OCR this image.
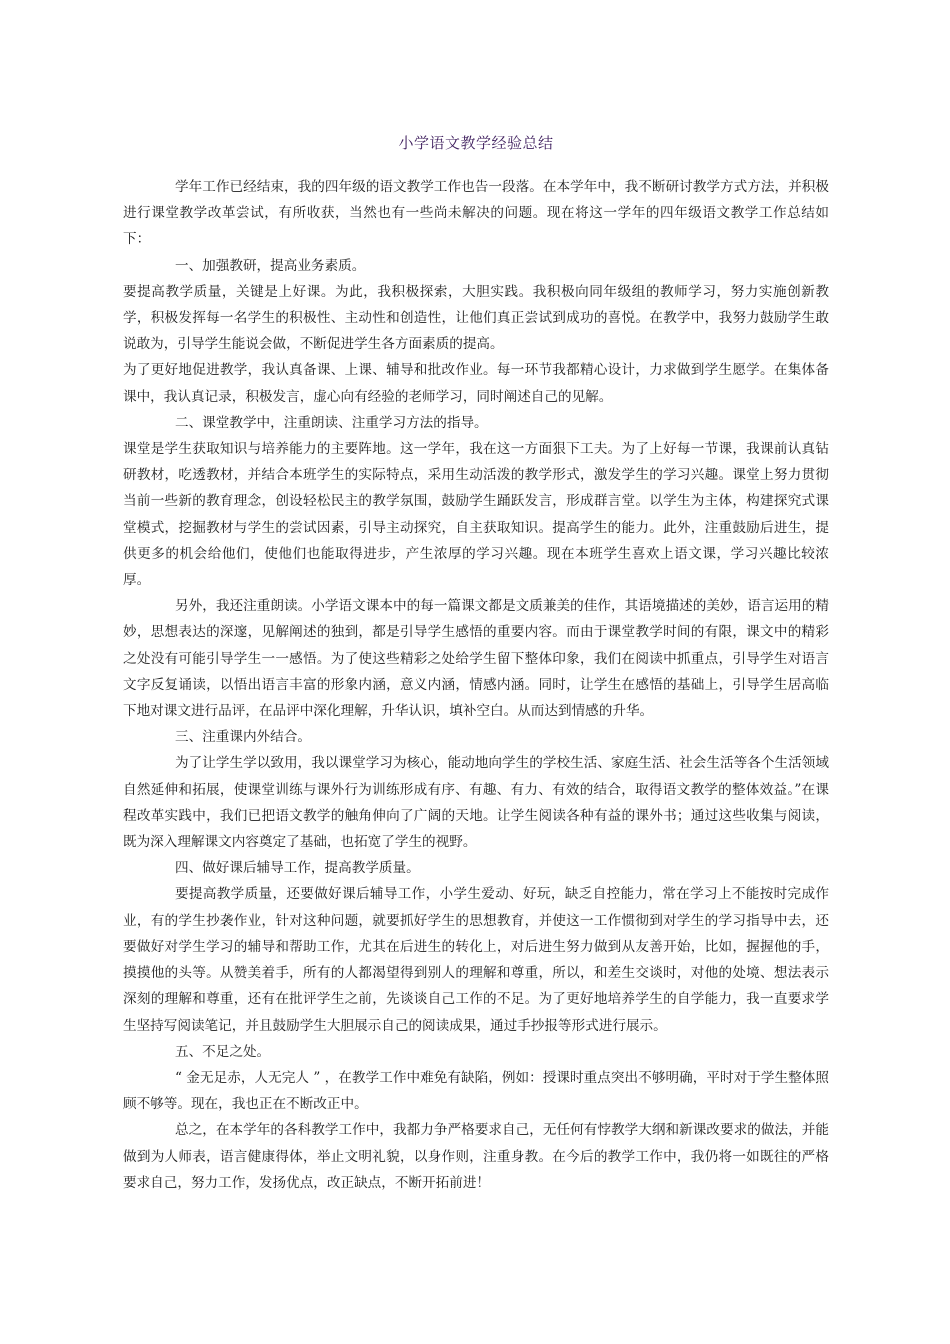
小学语文教学经验总结

学年工作已经结束，我的四年级的语文教学工作也告一段落。在本学年中，我不断研讨教学方式方法，并积极进行课堂教学改革尝试，有所收获，当然也有一些尚未解决的问题。现在将这一学年的四年级语文教学工作总结如下：

一、加强教研，提高业务素质。

要提高教学质量，关键是上好课。为此，我积极探索，大胆实践。我积极向同年级组的教师学习，努力实施创新教学，积极发挥每一名学生的积极性、主动性和创造性，让他们真正尝试到成功的喜悦。在教学中，我努力鼓励学生敢说敢为，引导学生能说会做，不断促进学生各方面素质的提高。

为了更好地促进教学，我认真备课、上课、辅导和批改作业。每一环节我都精心设计，力求做到学生愿学。在集体备课中，我认真记录，积极发言，虚心向有经验的老师学习，同时阐述自己的见解。

二、课堂教学中，注重朗读、注重学习方法的指导。

课堂是学生获取知识与培养能力的主要阵地。这一学年，我在这一方面狠下工夫。为了上好每一节课，我课前认真钻研教材，吃透教材，并结合本班学生的实际特点，采用生动活泼的教学形式，激发学生的学习兴趣。课堂上努力贯彻当前一些新的教育理念，创设轻松民主的教学氛围，鼓励学生踊跃发言，形成群言堂。以学生为主体，构建探究式课堂模式，挖掘教材与学生的尝试因素，引导主动探究，自主获取知识。提高学生的能力。此外，注重鼓励后进生，提供更多的机会给他们，使他们也能取得进步，产生浓厚的学习兴趣。现在本班学生喜欢上语文课，学习兴趣比较浓厚。

另外，我还注重朗读。小学语文课本中的每一篇课文都是文质兼美的佳作，其语境描述的美妙，语言运用的精妙，思想表达的深邃，见解阐述的独到，都是引导学生感悟的重要内容。而由于课堂教学时间的有限，课文中的精彩之处没有可能引导学生一一感悟。为了使这些精彩之处给学生留下整体印象，我们在阅读中抓重点，引导学生对语言文字反复诵读，以悟出语言丰富的形象内涵，意义内涵，情感内涵。同时，让学生在感悟的基础上，引导学生居高临下地对课文进行品评，在品评中深化理解，升华认识，填补空白。从而达到情感的升华。

三、注重课内外结合。

为了让学生学以致用，我以课堂学习为核心，能动地向学生的学校生活、家庭生活、社会生活等各个生活领域自然延伸和拓展，使课堂训练与课外行为训练形成有序、有趣、有力、有效的结合，取得语文教学的整体效益。”在课程改革实践中，我们已把语文教学的触角伸向了广阔的天地。让学生阅读各种有益的课外书；通过这些收集与阅读，既为深入理解课文内容奠定了基础，也拓宽了学生的视野。

四、做好课后辅导工作，提高教学质量。

要提高教学质量，还要做好课后辅导工作，小学生爱动、好玩，缺乏自控能力，常在学习上不能按时完成作业，有的学生抄袭作业，针对这种问题，就要抓好学生的思想教育，并使这一工作惯彻到对学生的学习指导中去，还要做好对学生学习的辅导和帮助工作，尤其在后进生的转化上，对后进生努力做到从友善开始，比如，握握他的手，摸摸他的头等。从赞美着手，所有的人都渴望得到别人的理解和尊重，所以，和差生交谈时，对他的处境、想法表示深刻的理解和尊重，还有在批评学生之前，先谈谈自己工作的不足。为了更好地培养学生的自学能力，我一直要求学生坚持写阅读笔记，并且鼓励学生大胆展示自己的阅读成果，通过手抄报等形式进行展示。

五、不足之处。

“ 金无足赤，人无完人 ” ，在教学工作中难免有缺陷，例如：授课时重点突出不够明确，平时对于学生整体照顾不够等。现在，我也正在不断改正中。

总之，在本学年的各科教学工作中，我都力争严格要求自己，无任何有悖教学大纲和新课改要求的做法，并能做到为人师表，语言健康得体，举止文明礼貌，以身作则，注重身教。在今后的教学工作中，我仍将一如既往的严格要求自己，努力工作，发扬优点，改正缺点，不断开拓前进！
